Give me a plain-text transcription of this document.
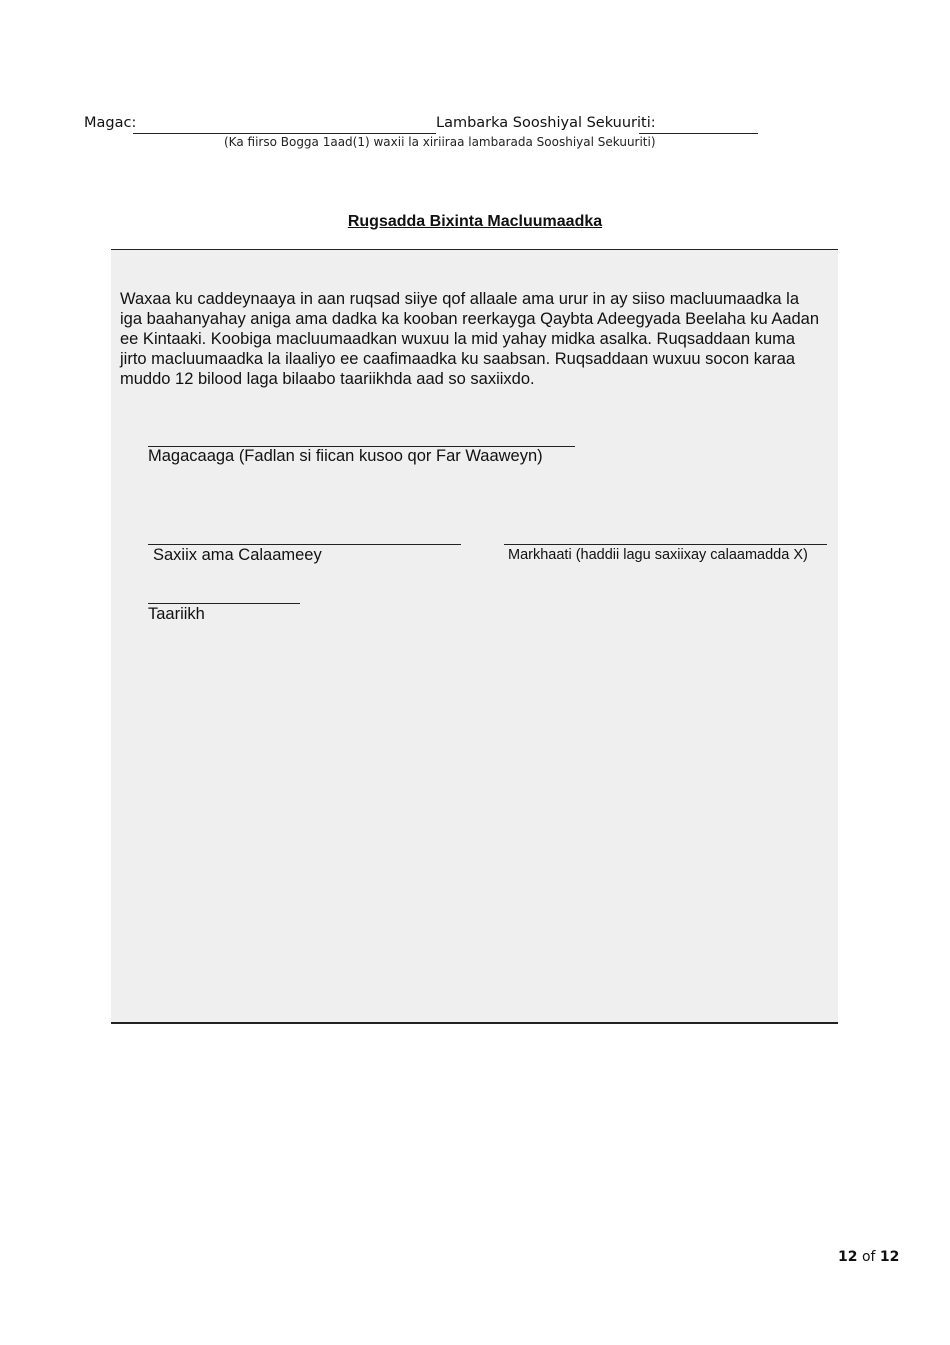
Magac:	Lambarka Sooshiyal Sekuuriti:
(Ka fiirso Bogga 1aad(1) waxii la xiriiraa lambarada Sooshiyal Sekuuriti)
Rugsadda Bixinta Macluumaadka
Waxaa ku caddeynaaya in aan ruqsad siiye qof allaale ama urur in ay siiso macluumaadka la iga baahanyahay aniga ama dadka ka kooban reerkayga Qaybta Adeegyada Beelaha ku Aadan ee Kintaaki. Koobiga macluumaadkan wuxuu la mid yahay midka asalka. Ruqsaddaan kuma jirto macluumaadka la ilaaliyo ee caafimaadka ku saabsan. Ruqsaddaan wuxuu socon karaa muddo 12 bilood laga bilaabo taariikhda aad so saxiixdo.
Magacaaga (Fadlan si fiican kusoo qor Far Waaweyn)
Saxiix ama Calaameey	Markhaati (haddii lagu saxiixay calaamadda X)
Taariikh
12 of 12
